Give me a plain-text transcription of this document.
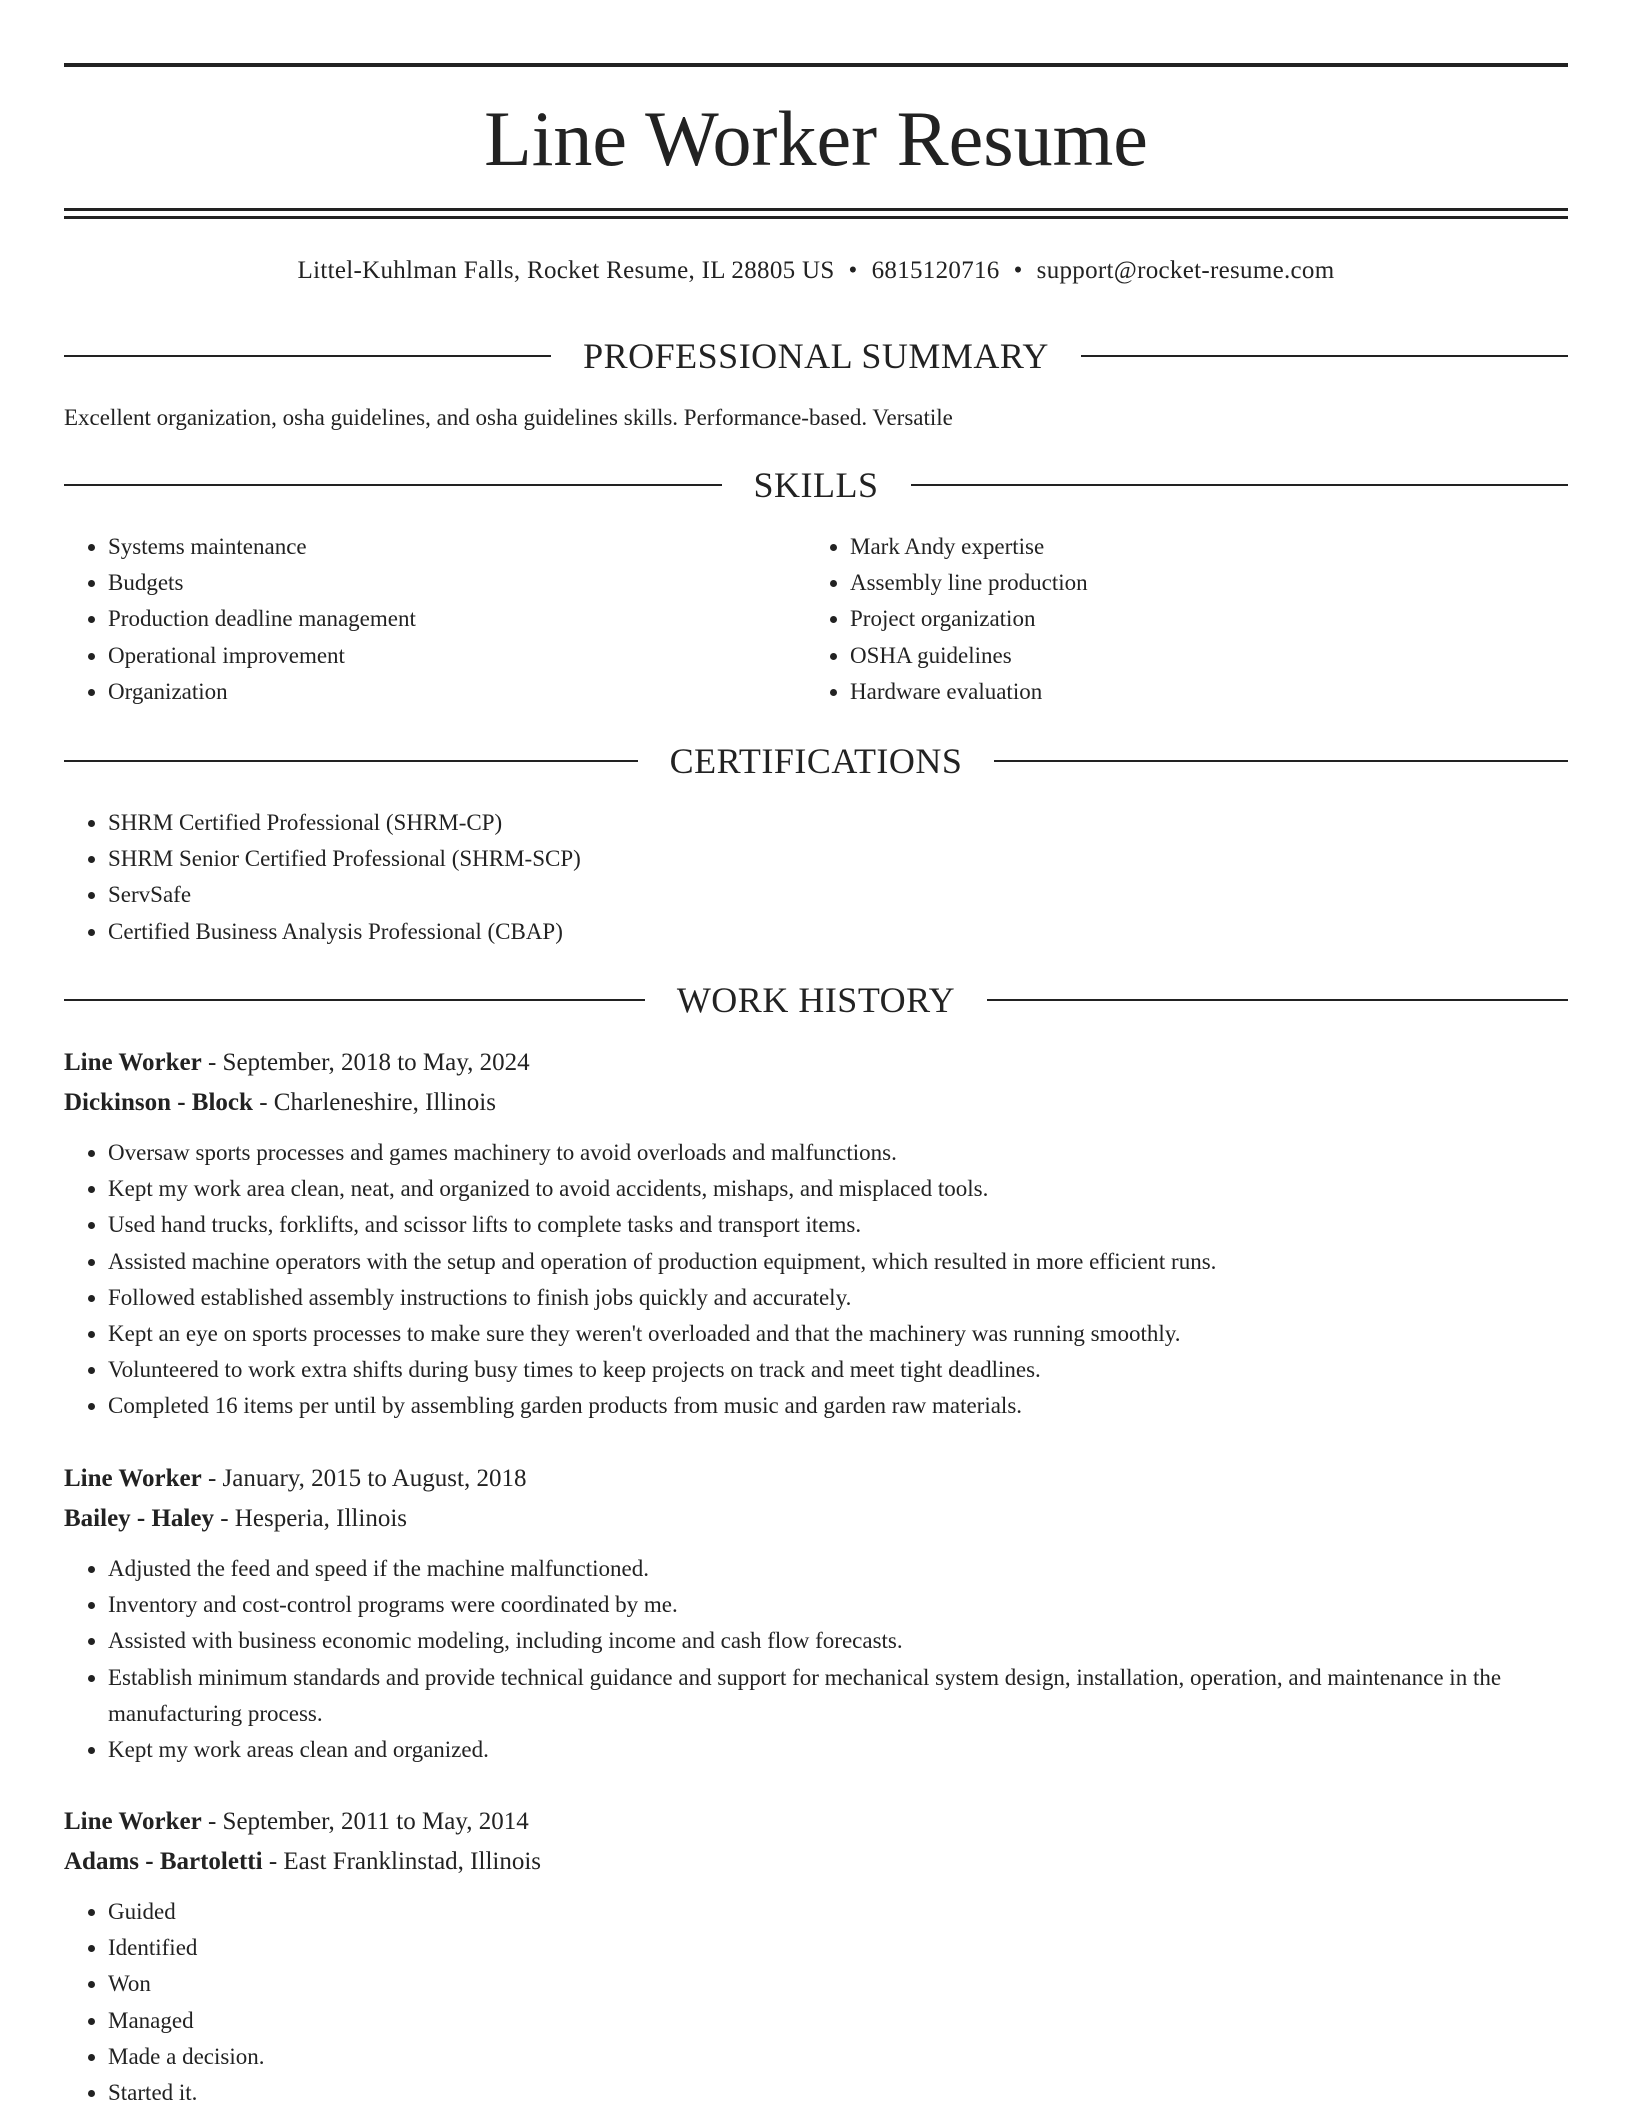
Line Worker Resume
Littel-Kuhlman Falls, Rocket Resume, IL 28805 US • 6815120716 • support@rocket-resume.com
PROFESSIONAL SUMMARY
Excellent organization, osha guidelines, and osha guidelines skills. Performance-based. Versatile
SKILLS
• Systems maintenance
• Budgets
• Production deadline management
• Operational improvement
• Organization
• Mark Andy expertise
• Assembly line production
• Project organization
• OSHA guidelines
• Hardware evaluation
CERTIFICATIONS
• SHRM Certified Professional (SHRM-CP)
• SHRM Senior Certified Professional (SHRM-SCP)
• ServSafe
• Certified Business Analysis Professional (CBAP)
WORK HISTORY
Line Worker - September, 2018 to May, 2024
Dickinson - Block - Charleneshire, Illinois
• Oversaw sports processes and games machinery to avoid overloads and malfunctions.
• Kept my work area clean, neat, and organized to avoid accidents, mishaps, and misplaced tools.
• Used hand trucks, forklifts, and scissor lifts to complete tasks and transport items.
• Assisted machine operators with the setup and operation of production equipment, which resulted in more efficient runs.
• Followed established assembly instructions to finish jobs quickly and accurately.
• Kept an eye on sports processes to make sure they weren't overloaded and that the machinery was running smoothly.
• Volunteered to work extra shifts during busy times to keep projects on track and meet tight deadlines.
• Completed 16 items per until by assembling garden products from music and garden raw materials.
Line Worker - January, 2015 to August, 2018
Bailey - Haley - Hesperia, Illinois
• Adjusted the feed and speed if the machine malfunctioned.
• Inventory and cost-control programs were coordinated by me.
• Assisted with business economic modeling, including income and cash flow forecasts.
• Establish minimum standards and provide technical guidance and support for mechanical system design, installation, operation, and maintenance in the manufacturing process.
• Kept my work areas clean and organized.
Line Worker - September, 2011 to May, 2014
Adams - Bartoletti - East Franklinstad, Illinois
• Guided
• Identified
• Won
• Managed
• Made a decision.
• Started it.
